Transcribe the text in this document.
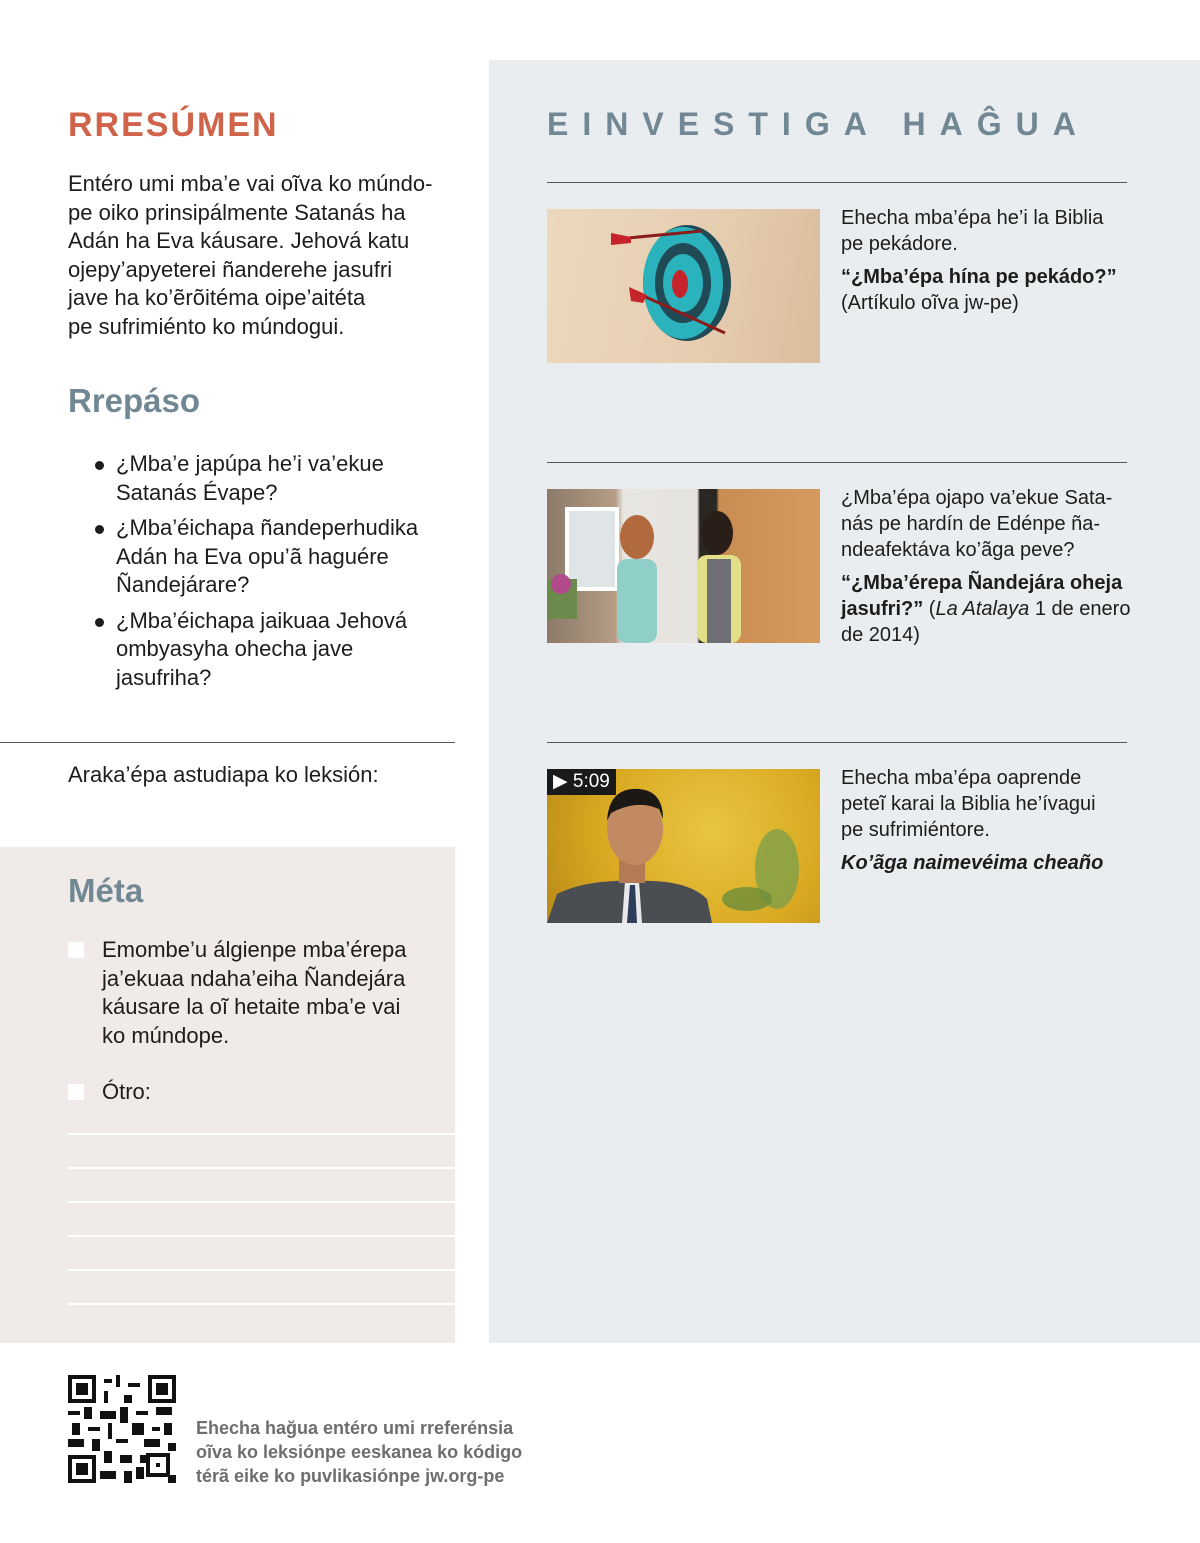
RRESÚMEN
Entéro umi mba’e vai oĩva ko múndo-
pe oiko prinsipálmente Satanás ha
Adán ha Eva káusare. Jehová katu
ojepy’apyeterei ñanderehe jasufri
jave ha ko’ẽrõitéma oipe’aitéta
pe sufrimiénto ko múndogui.
Rrepáso
¿Mba’e japúpa he’i va’ekue
Satanás Évape?
¿Mba’éichapa ñandeperhudika
Adán ha Eva opu’ã haguére
Ñandejárare?
¿Mba’éichapa jaikuaa Jehová
ombyasyha ohecha jave
jasufriha?
Araka’épa astudiapa ko leksión:
Méta
Emombe’u álgienpe mba’érepa
ja’ekuaa ndaha’eiha Ñandejára
káusare la oĩ hetaite mba’e vai
ko múndope.
Ótro:
EINVESTIGA HAĜUA
Ehecha mba’épa he’i la Biblia
pe pekádore.
“¿Mba’épa hína pe pekádo?”
(Artíkulo oĩva jw-pe)
¿Mba’épa ojapo va’ekue Sata-
nás pe hardín de Edénpe ña-
ndeafektáva ko’ãga peve?
“¿Mba’érepa Ñandejára oheja jasufri?” (La Atalaya 1 de enero de 2014)
▶ 5:09	Ehecha mba’épa oaprende
peteĩ karai la Biblia he’ívagui
pe sufrimiéntore.
Ko’ãga naimevéima cheaño
Ehecha hağua entéro umi rreferénsia
oĩva ko leksiónpe eeskanea ko kódigo
térã eike ko puvlikasiónpe jw.org-pe
